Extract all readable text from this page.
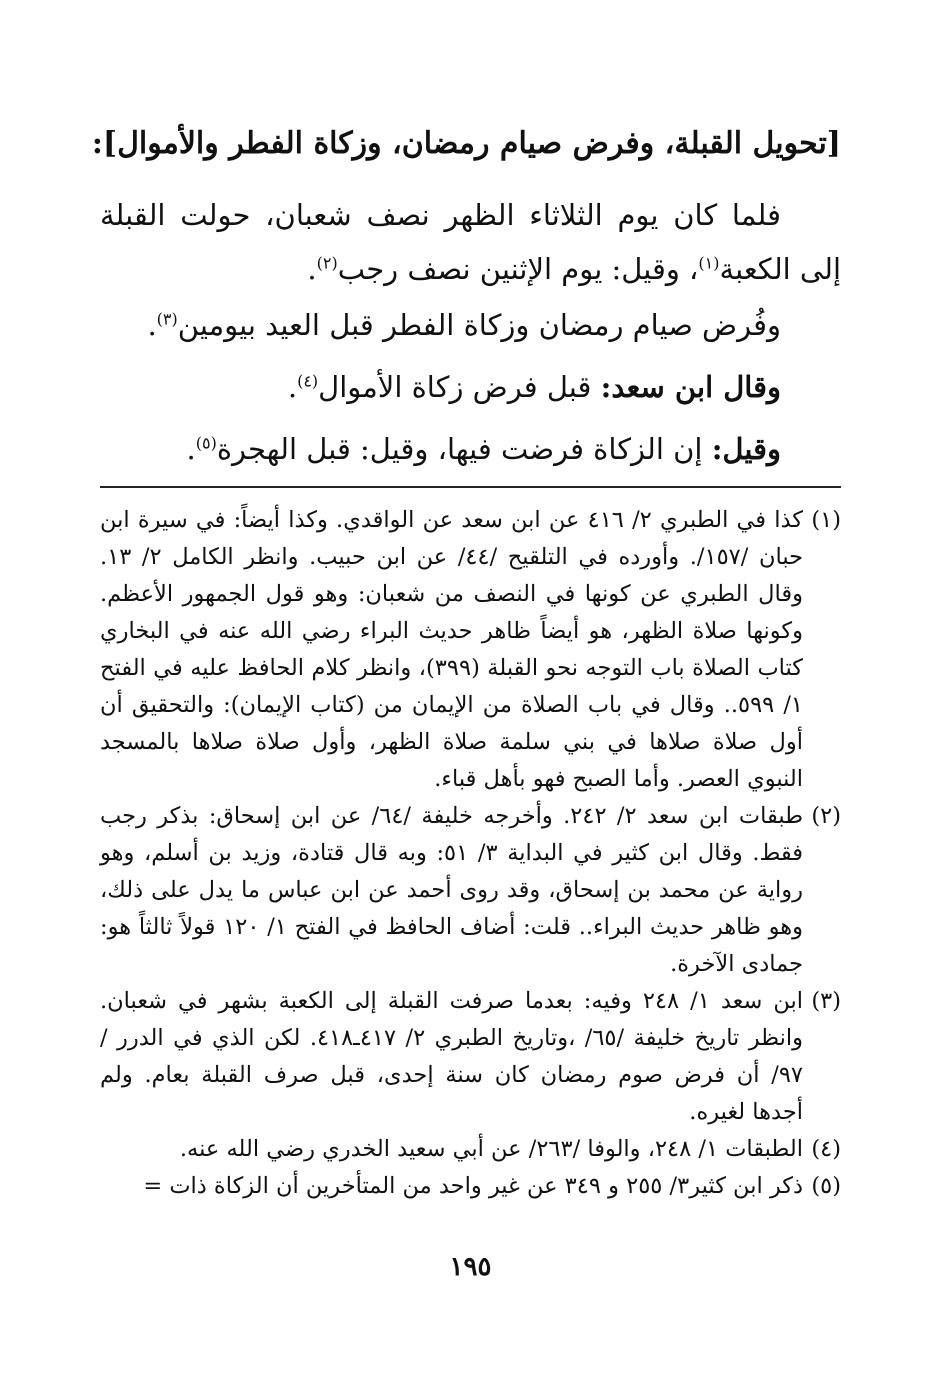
[تحويل القبلة، وفرض صيام رمضان، وزكاة الفطر والأموال]:
فلما كان يوم الثلاثاء الظهر نصف شعبان، حولت القبلة إلى الكعبة$^{(١)}$، وقيل: يوم الإثنين نصف رجب$^{(٢)}$.
وفُرض صيام رمضان وزكاة الفطر قبل العيد بيومين$^{(٣)}$.
وقال ابن سعد: قبل فرض زكاة الأموال$^{(٤)}$.
وقيل: إن الزكاة فرضت فيها، وقيل: قبل الهجرة$^{(٥)}$.
(١)
كذا في الطبري ٢/ ٤١٦ عن ابن سعد عن الواقدي. وكذا أيضاً: في سيرة ابن حبان /١٥٧/. وأورده في التلقيح /٤٤/ عن ابن حبيب. وانظر الكامل ٢/ ١٣. وقال الطبري عن كونها في النصف من شعبان: وهو قول الجمهور الأعظم. وكونها صلاة الظهر، هو أيضاً ظاهر حديث البراء رضي الله عنه في البخاري كتاب الصلاة باب التوجه نحو القبلة (٣٩٩)، وانظر كلام الحافظ عليه في الفتح ١/ ٥٩٩.. وقال في باب الصلاة من الإيمان من (كتاب الإيمان): والتحقيق أن أول صلاة صلاها في بني سلمة صلاة الظهر، وأول صلاة صلاها بالمسجد النبوي العصر. وأما الصبح فهو بأهل قباء.
(٢)
طبقات ابن سعد ٢/ ٢٤٢. وأخرجه خليفة /٦٤/ عن ابن إسحاق: بذكر رجب فقط. وقال ابن كثير في البداية ٣/ ٥١: وبه قال قتادة، وزيد بن أسلم، وهو رواية عن محمد بن إسحاق، وقد روى أحمد عن ابن عباس ما يدل على ذلك، وهو ظاهر حديث البراء.. قلت: أضاف الحافظ في الفتح ١/ ١٢٠ قولاً ثالثاً هو: جمادى الآخرة.
(٣)
ابن سعد ١/ ٢٤٨ وفيه: بعدما صرفت القبلة إلى الكعبة بشهر في شعبان. وانظر تاريخ خليفة /٦٥/ ،وتاريخ الطبري ٢/ ٤١٧ـ٤١٨. لكن الذي في الدرر /٩٧/ أن فرض صوم رمضان كان سنة إحدى، قبل صرف القبلة بعام. ولم أجدها لغيره.
(٤)
الطبقات ١/ ٢٤٨، والوفا /٢٦٣/ عن أبي سعيد الخدري رضي الله عنه.
(٥)
ذكر ابن كثير٣/ ٢٥٥ و ٣٤٩ عن غير واحد من المتأخرين أن الزكاة ذات =
١٩٥
